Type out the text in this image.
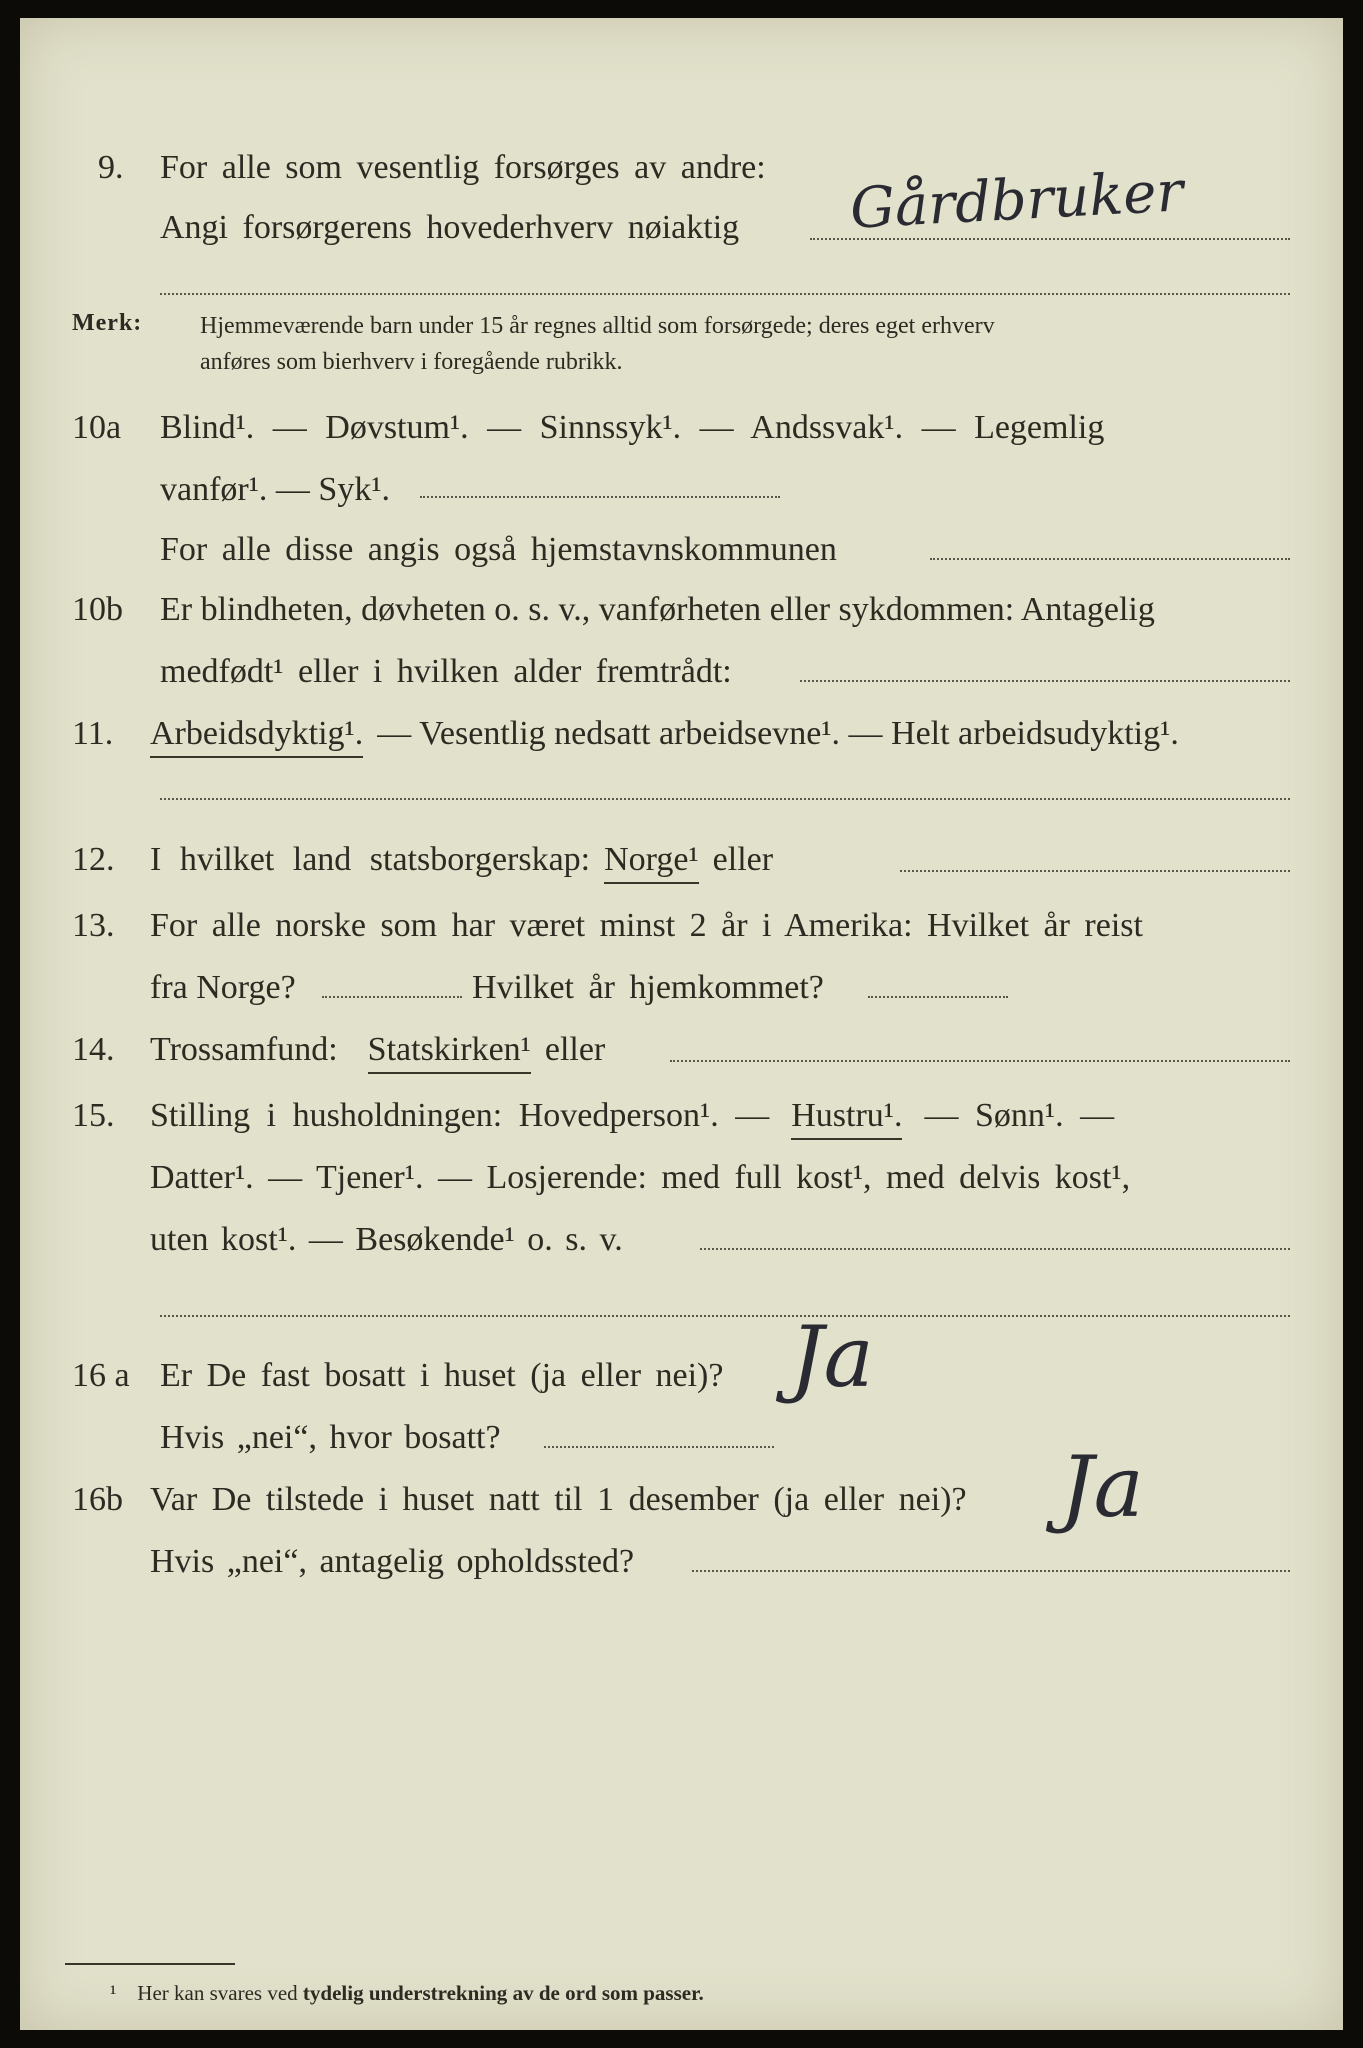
9. For alle som vesentlig forsørges av andre:
Angi forsørgerens hovederhverv nøiaktig Gårdbruker
Merk: Hjemmeværende barn under 15 år regnes alltid som forsørgede; deres eget erhverv
anføres som bierhverv i foregående rubrikk.
10a Blind¹. — Døvstum¹. — Sinnssyk¹. — Andssvak¹. — Legemlig
vanfør¹. — Syk¹.
For alle disse angis også hjemstavnskommunen
10b Er blindheten, døvheten o. s. v., vanførheten eller sykdommen: Antagelig
medfødt¹ eller i hvilken alder fremtrådt:
11. Arbeidsdyktig¹. — Vesentlig nedsatt arbeidsevne¹. — Helt arbeidsudyktig¹.
12. I hvilket land statsborgerskap: Norge¹ eller
13. For alle norske som har været minst 2 år i Amerika: Hvilket år reist
fra Norge?	Hvilket år hjemkommet?
14. Trossamfund: Statskirken¹ eller
15. Stilling i husholdningen: Hovedperson¹. — Hustru¹. — Sønn¹. —
Datter¹. — Tjener¹. — Losjerende: med full kost¹, med delvis kost¹,
uten kost¹. — Besøkende¹ o. s. v.
16 a Er De fast bosatt i huset (ja eller nei)?
Hvis „nei“, hvor bosatt?
Ja
16b Var De tilstede i huset natt til 1 desember (ja eller nei)?
Hvis „nei“, antagelig opholdssted?
Ja
¹ Her kan svares ved tydelig understrekning av de ord som passer.
